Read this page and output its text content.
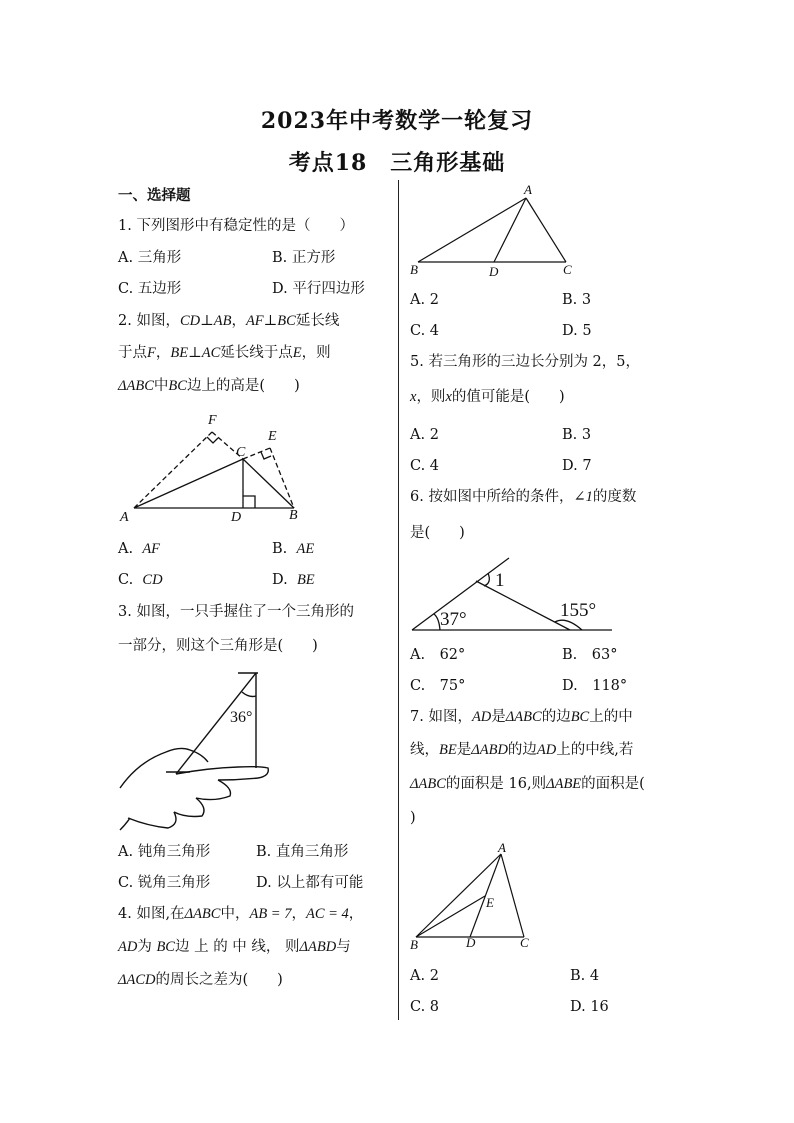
2023年中考数学一轮复习
考点18　三角形基础
一、选择题
1. 下列图形中有稳定性的是（　　）
A. 三角形	B. 正方形
C. 五边形	D. 平行四边形
2. 如图，CD⊥AB，AF⊥BC延长线
于点F，BE⊥AC延长线于点E，则
ΔABC中BC边上的高是(　　)
F
E
C
A	D	B
A. AF	B. AE
C. CD	D. BE
3. 如图，一只手握住了一个三角形的
一部分，则这个三角形是(　　)
36°
A. 钝角三角形	B. 直角三角形
C. 锐角三角形	D. 以上都有可能
4. 如图,在ΔABC中，AB = 7，AC = 4，
AD为 BC边 上 的 中 线， 则ΔABD与
ΔACD的周长之差为(　　)
A
B	D	C
A. 2	B. 3
C. 4	D. 5
5. 若三角形的三边长分别为 2，5，
x，则x的值可能是(　　)
A. 2	B. 3
C. 4	D. 7
6. 按如图中所给的条件，∠1的度数
是(　　)
1
37°	155°
A.　62°	B.　63°
C.　75°	D.　118°
7. 如图，AD是ΔABC的边BC上的中
线，BE是ΔABD的边AD上的中线,若
ΔABC的面积是 16,则ΔABE的面积是(
)
A
E
B	D	C
A. 2	B. 4
C. 8	D. 16
